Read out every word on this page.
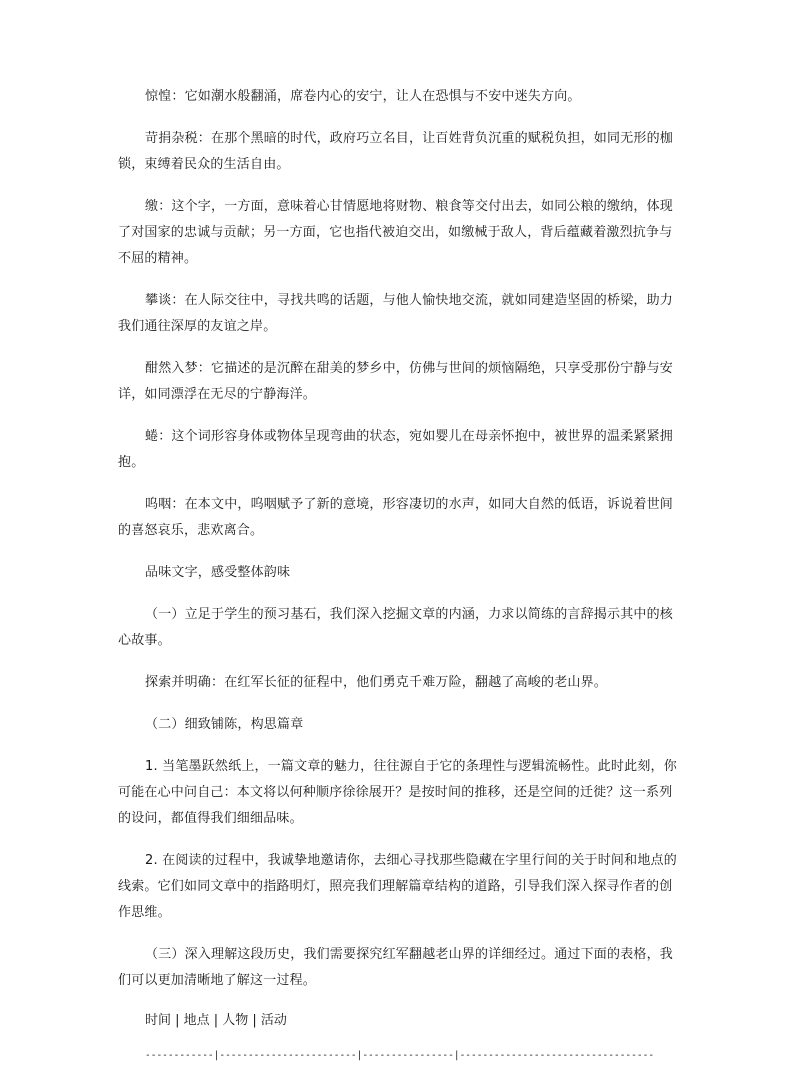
惊惶：它如潮水般翻涌，席卷内心的安宁，让人在恐惧与不安中迷失方向。

苛捐杂税：在那个黑暗的时代，政府巧立名目，让百姓背负沉重的赋税负担，如同无形的枷锁，束缚着民众的生活自由。

缴：这个字，一方面，意味着心甘情愿地将财物、粮食等交付出去，如同公粮的缴纳，体现了对国家的忠诚与贡献；另一方面，它也指代被迫交出，如缴械于敌人，背后蕴藏着激烈抗争与不屈的精神。

攀谈：在人际交往中，寻找共鸣的话题，与他人愉快地交流，就如同建造坚固的桥梁，助力我们通往深厚的友谊之岸。

酣然入梦：它描述的是沉醉在甜美的梦乡中，仿佛与世间的烦恼隔绝，只享受那份宁静与安详，如同漂浮在无尽的宁静海洋。

蜷：这个词形容身体或物体呈现弯曲的状态，宛如婴儿在母亲怀抱中，被世界的温柔紧紧拥抱。

呜咽：在本文中，呜咽赋予了新的意境，形容凄切的水声，如同大自然的低语，诉说着世间的喜怒哀乐，悲欢离合。

品味文字，感受整体韵味

（一）立足于学生的预习基石，我们深入挖掘文章的内涵，力求以简练的言辞揭示其中的核心故事。

探索并明确：在红军长征的征程中，他们勇克千难万险，翻越了高峻的老山界。

（二）细致铺陈，构思篇章

1. 当笔墨跃然纸上，一篇文章的魅力，往往源自于它的条理性与逻辑流畅性。此时此刻，你可能在心中问自己：本文将以何种顺序徐徐展开？是按时间的推移，还是空间的迁徙？这一系列的设问，都值得我们细细品味。

2. 在阅读的过程中，我诚挚地邀请你，去细心寻找那些隐藏在字里行间的关于时间和地点的线索。它们如同文章中的指路明灯，照亮我们理解篇章结构的道路，引导我们深入探寻作者的创作思维。

（三）深入理解这段历史，我们需要探究红军翻越老山界的详细经过。通过下面的表格，我们可以更加清晰地了解这一过程。

时间 | 地点 | 人物 | 活动

------------|------------------------|----------------|----------------------------------
